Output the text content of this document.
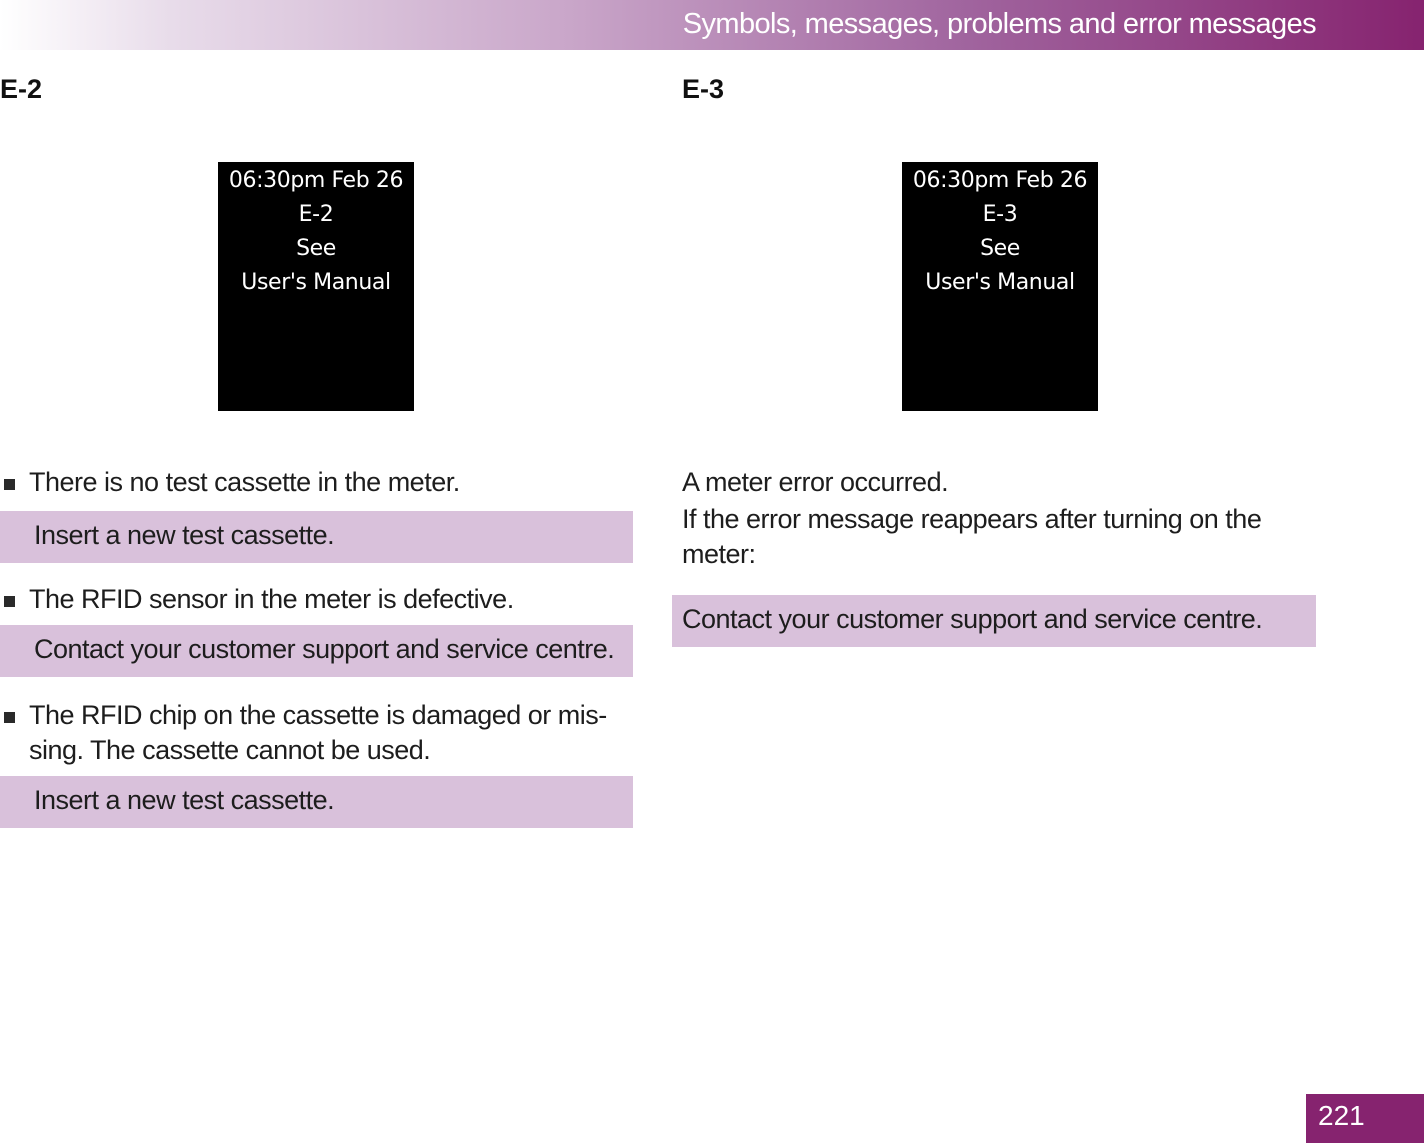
Symbols, messages, problems and error messages
E-2
06:30pm Feb 26
E-2
See
User's Manual
There is no test cassette in the meter.
Insert a new test cassette.
The RFID sensor in the meter is defective.
Contact your customer support and service centre.
The RFID chip on the cassette is damaged or mis-
sing. The cassette cannot be used.
Insert a new test cassette.
E-3
06:30pm Feb 26
E-3
See
User's Manual
A meter error occurred.
If the error message reappears after turning on the
meter:
Contact your customer support and service centre.
221
